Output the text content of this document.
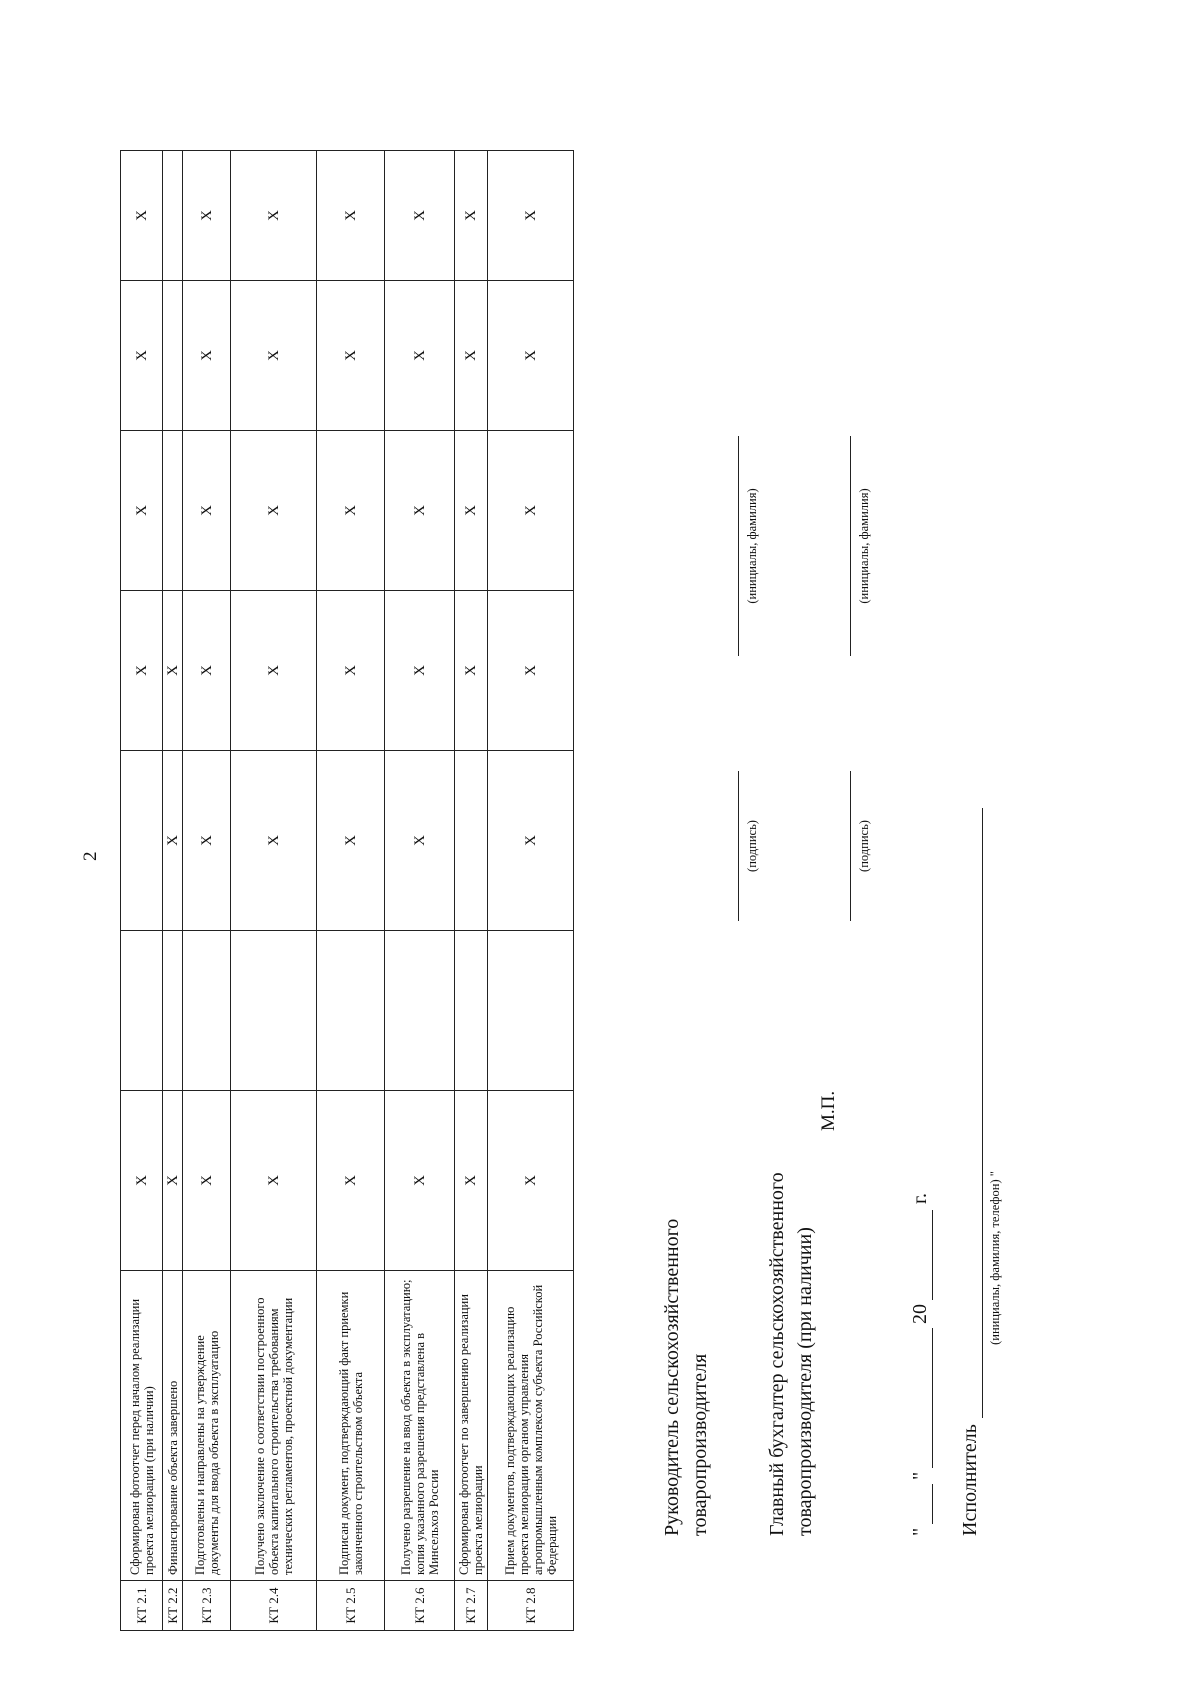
2
КТ 2.1	Сформирован фотоотчет перед началом реализации проекта мелиорации (при наличии)	Х			Х	Х	Х	Х
КТ 2.2	Финансирование объекта завершено	Х		Х	Х			
КТ 2.3	Подготовлены и направлены на утверждение документы для ввода объекта в эксплуатацию	Х		Х	Х	Х	Х	Х
КТ 2.4	Получено заключение о соответствии построенного объекта капитального строительства требованиям технических регламентов, проектной документации	Х		Х	Х	Х	Х	Х
КТ 2.5	Подписан документ, подтверждающий факт приемки законченного строительством объекта	Х		Х	Х	Х	Х	Х
КТ 2.6	Получено разрешение на ввод объекта в эксплуатацию; копия указанного разрешения представлена в Минсельхоз России	Х		Х	Х	Х	Х	Х
КТ 2.7	Сформирован фотоотчет по завершению реализации проекта мелиорации	Х			Х	Х	Х	Х
КТ 2.8	Прием документов, подтверждающих реализацию проекта мелиорации органом управления агропромышленным комплексом субъекта Российской Федерации	Х		Х	Х	Х	Х	Х
Руководитель сельскохозяйственного товаропроизводителя
(подпись)
(инициалы, фамилия)
Главный бухгалтер сельскохозяйственного товаропроизводителя (при наличии)
М.П.
(подпись)
(инициалы, фамилия)
"
"
20
г.
Исполнитель
(инициалы, фамилия, телефон) "
